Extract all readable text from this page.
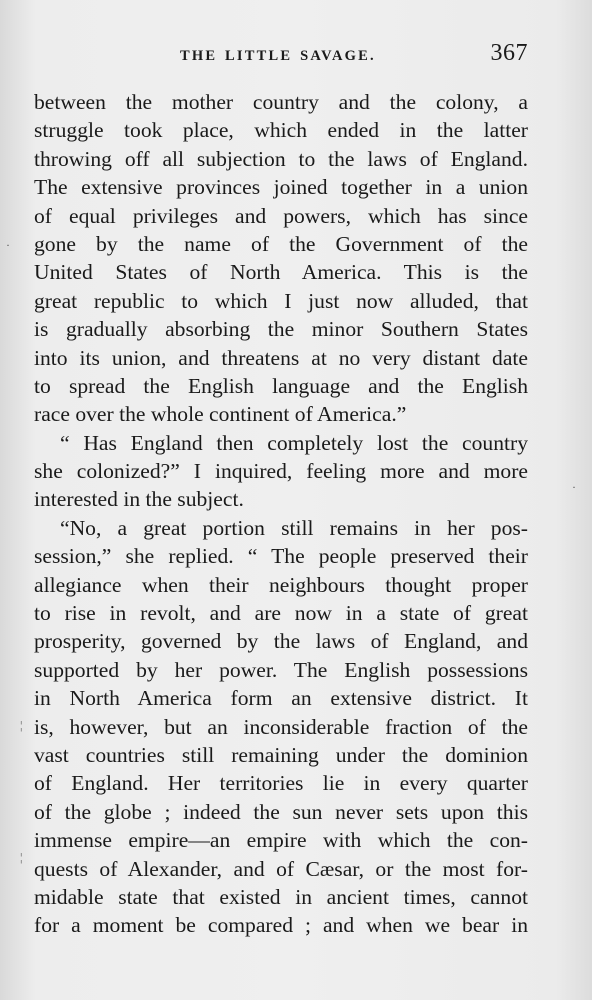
THE LITTLE SAVAGE.	367
between the mother country and the colony, a
struggle took place, which ended in the latter
throwing off all subjection to the laws of England.
The extensive provinces joined together in a union
of equal privileges and powers, which has since
gone by the name of the Government of the
United States of North America. This is the
great republic to which I just now alluded, that
is gradually absorbing the minor Southern States
into its union, and threatens at no very distant date
to spread the English language and the English
race over the whole continent of America.”
“ Has England then completely lost the country
she colonized?” I inquired, feeling more and more
interested in the subject.
“No, a great portion still remains in her pos-
session,” she replied. “ The people preserved their
allegiance when their neighbours thought proper
to rise in revolt, and are now in a state of great
prosperity, governed by the laws of England, and
supported by her power. The English possessions
in North America form an extensive district. It
is, however, but an inconsiderable fraction of the
vast countries still remaining under the dominion
of England. Her territories lie in every quarter
of the globe ; indeed the sun never sets upon this
immense empire—an empire with which the con-
quests of Alexander, and of Cæsar, or the most for-
midable state that existed in ancient times, cannot
for a moment be compared ; and when we bear in
·
·
¦
¦
